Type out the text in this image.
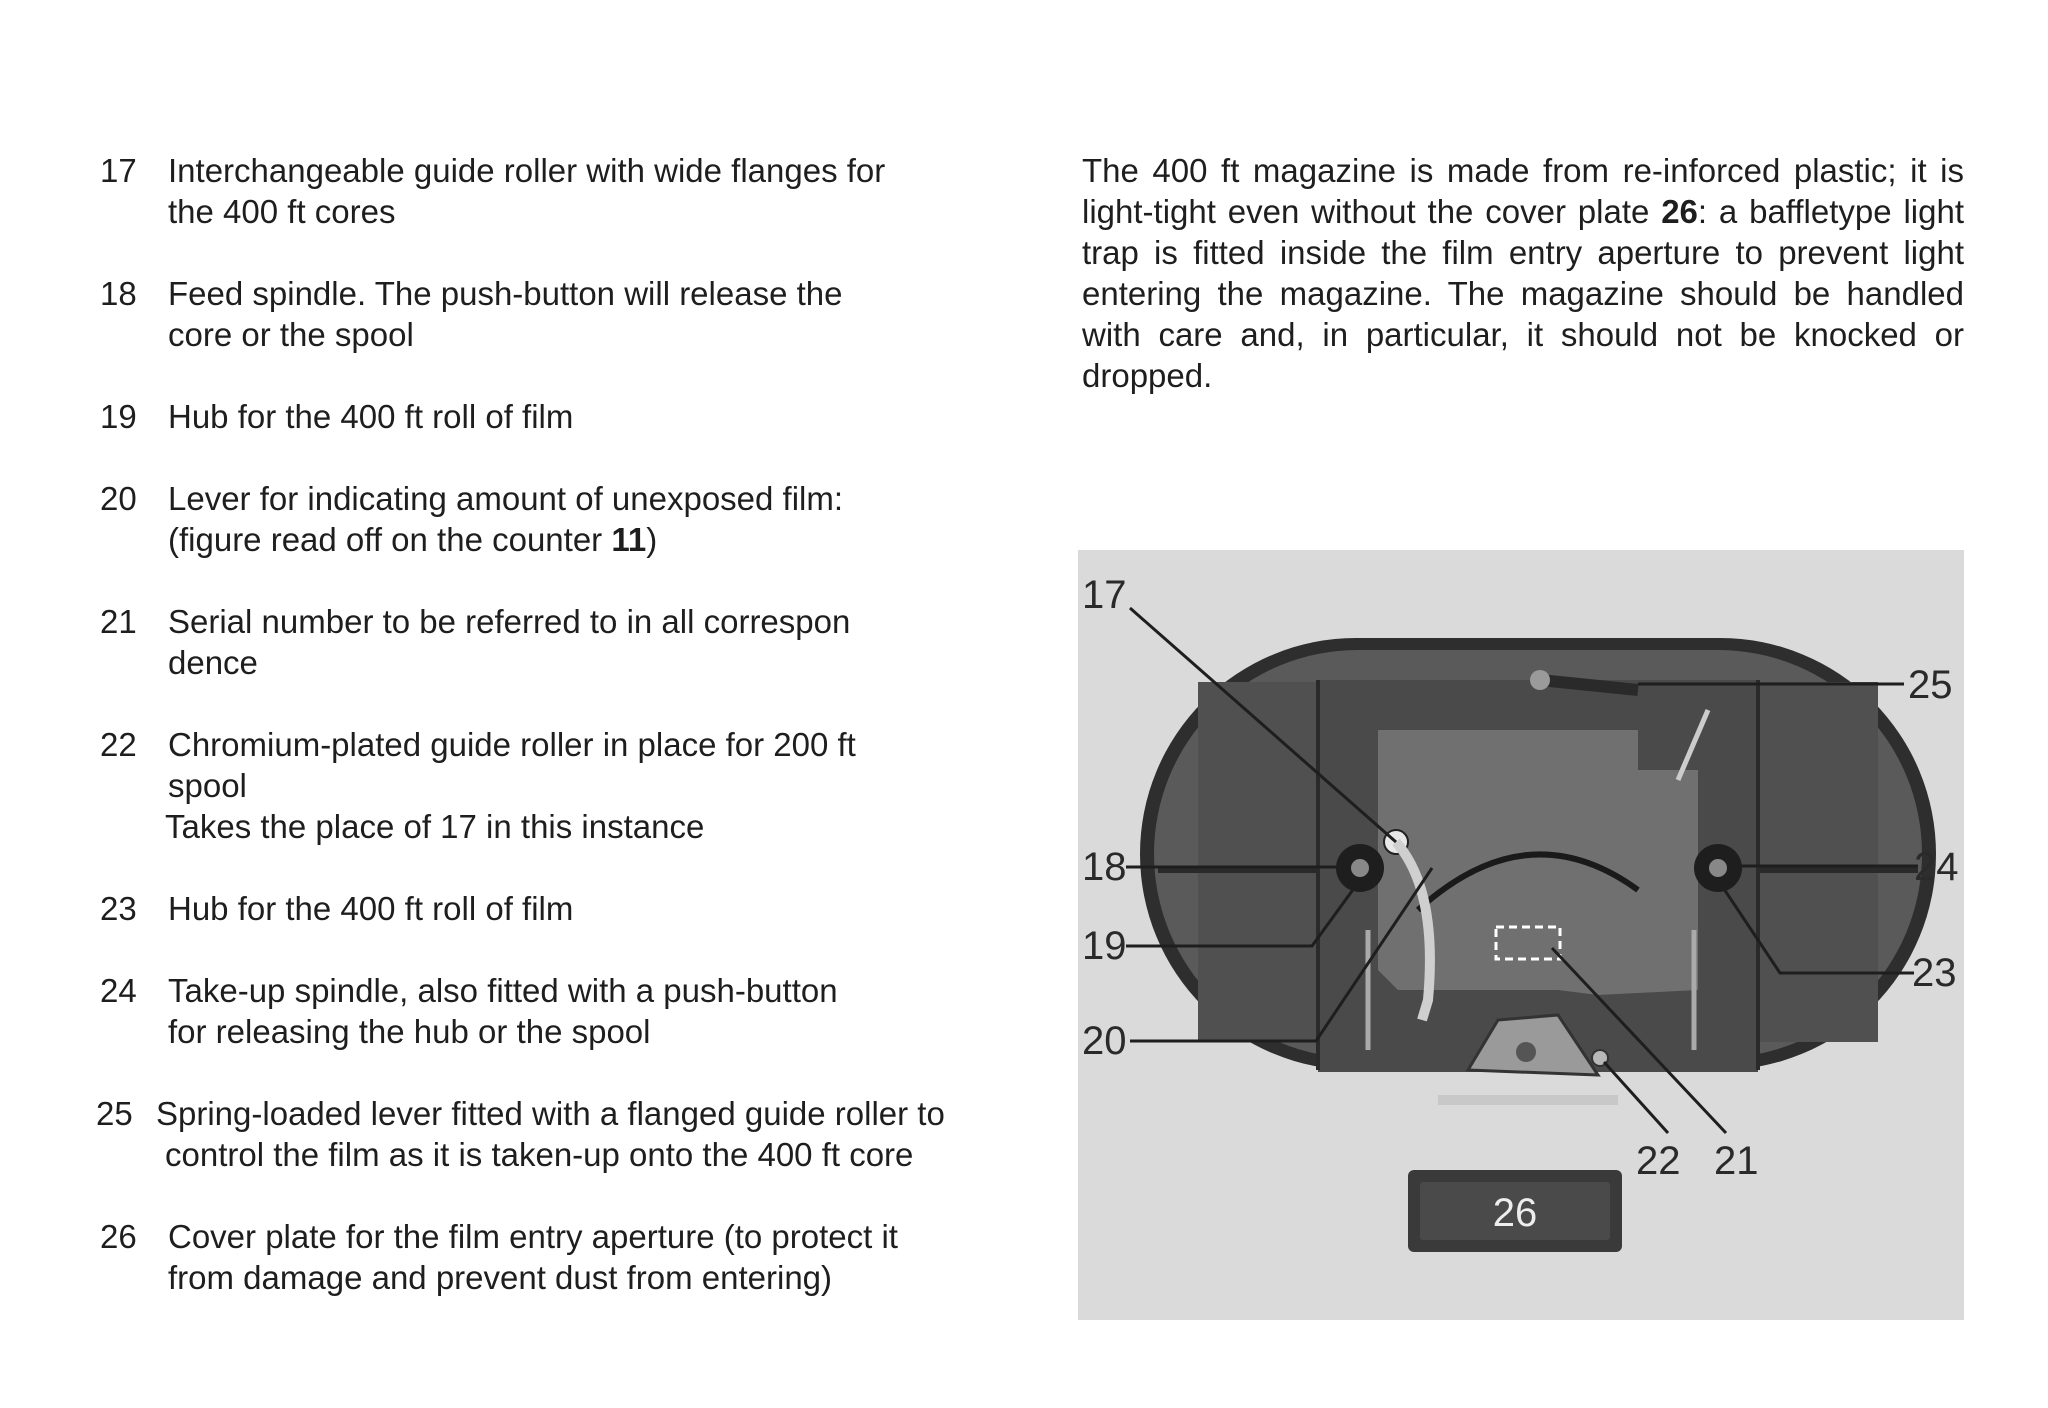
17 Interchangeable guide roller with wide flanges for
the 400 ft cores
18 Feed spindle. The push-button will release the
core or the spool
19 Hub for the 400 ft roll of film
20 Lever for indicating amount of unexposed film:
(figure read off on the counter 11)
21 Serial number to be referred to in all correspon
dence
22 Chromium-plated guide roller in place for 200 ft
spool
Takes the place of 17 in this instance
23 Hub for the 400 ft roll of film
24 Take-up spindle, also fitted with a push-button
for releasing the hub or the spool
25 Spring-loaded lever fitted with a flanged guide roller to
control the film as it is taken-up onto the 400 ft core
26 Cover plate for the film entry aperture (to protect it
from damage and prevent dust from entering)

The 400 ft magazine is made from re-inforced plastic; it is light-tight even without the cover plate 26: a baffletype light trap is fitted inside the film entry aperture to prevent light entering the magazine. The magazine should be handled with care and, in particular, it should not be knocked or dropped.

26
17
18
19
20
21
22
23
24
25
